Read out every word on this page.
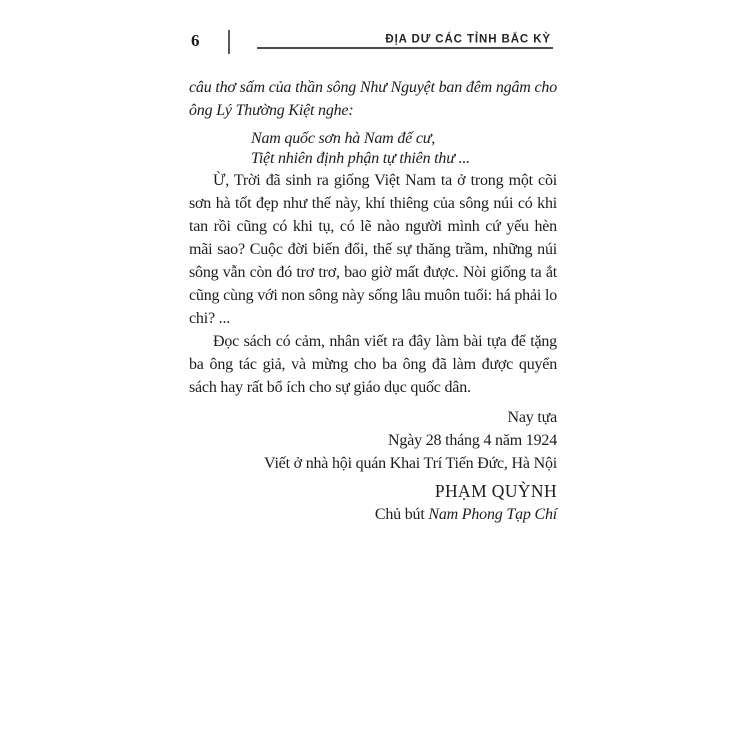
6	ĐỊA DƯ CÁC TỈNH BẮC KỲ

câu thơ sấm của thần sông Như Nguyệt ban đêm ngâm cho ông Lý Thường Kiệt nghe:

Nam quốc sơn hà Nam đế cư,
Tiệt nhiên định phận tự thiên thư ...

Ừ, Trời đã sinh ra giống Việt Nam ta ở trong một cõi sơn hà tốt đẹp như thế này, khí thiêng của sông núi có khi tan rồi cũng có khi tụ, có lẽ nào người mình cứ yếu hèn mãi sao? Cuộc đời biến đổi, thế sự thăng trầm, những núi sông vẫn còn đó trơ trơ, bao giờ mất được. Nòi giống ta ắt cũng cùng với non sông này sống lâu muôn tuổi: há phải lo chi? ...

Đọc sách có cảm, nhân viết ra đây làm bài tựa để tặng ba ông tác giả, và mừng cho ba ông đã làm được quyển sách hay rất bổ ích cho sự giáo dục quốc dân.

Nay tựa
Ngày 28 tháng 4 năm 1924
Viết ở nhà hội quán Khai Trí Tiến Đức, Hà Nội
PHẠM QUỲNH
Chủ bút Nam Phong Tạp Chí
